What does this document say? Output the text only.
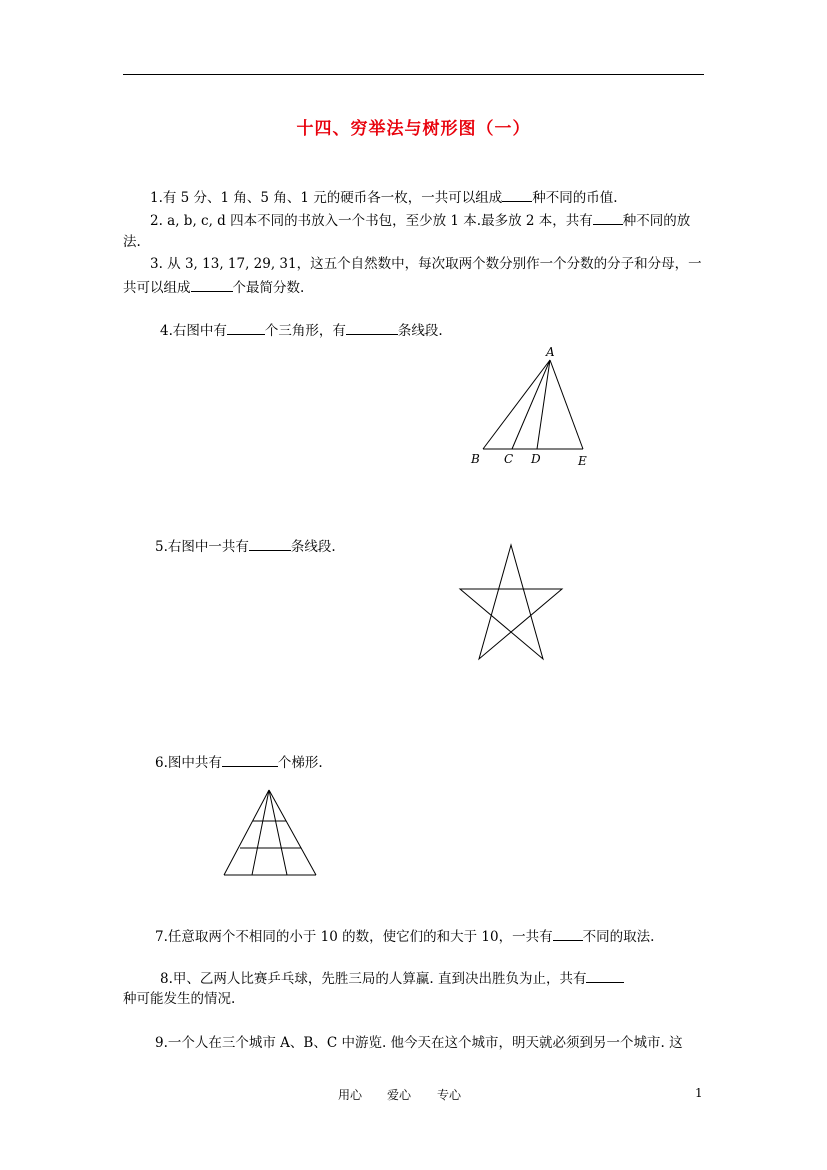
十四、穷举法与树形图（一）
1.有 5 分、1 角、5 角、1 元的硬币各一枚，一共可以组成 种不同的币值.
2. a, b, c, d 四本不同的书放入一个书包，至少放 1 本.最多放 2 本，共有 种不同的放
法.
3. 从 3, 13, 17, 29, 31，这五个自然数中，每次取两个数分别作一个分数的分子和分母，一
共可以组成	个最简分数.
4.右图中有	个三角形，有	条线段.
A
B C D	E
5.右图中一共有	条线段.
6.图中共有	个梯形.
7.任意取两个不相同的小于 10 的数，使它们的和大于 10，一共有 不同的取法.
8.甲、乙两人比赛乒乓球，先胜三局的人算赢. 直到决出胜负为止，共有
种可能发生的情况.
9.一个人在三个城市 A、B、C 中游览. 他今天在这个城市，明天就必须到另一个城市. 这
用心 爱心 专心	1
